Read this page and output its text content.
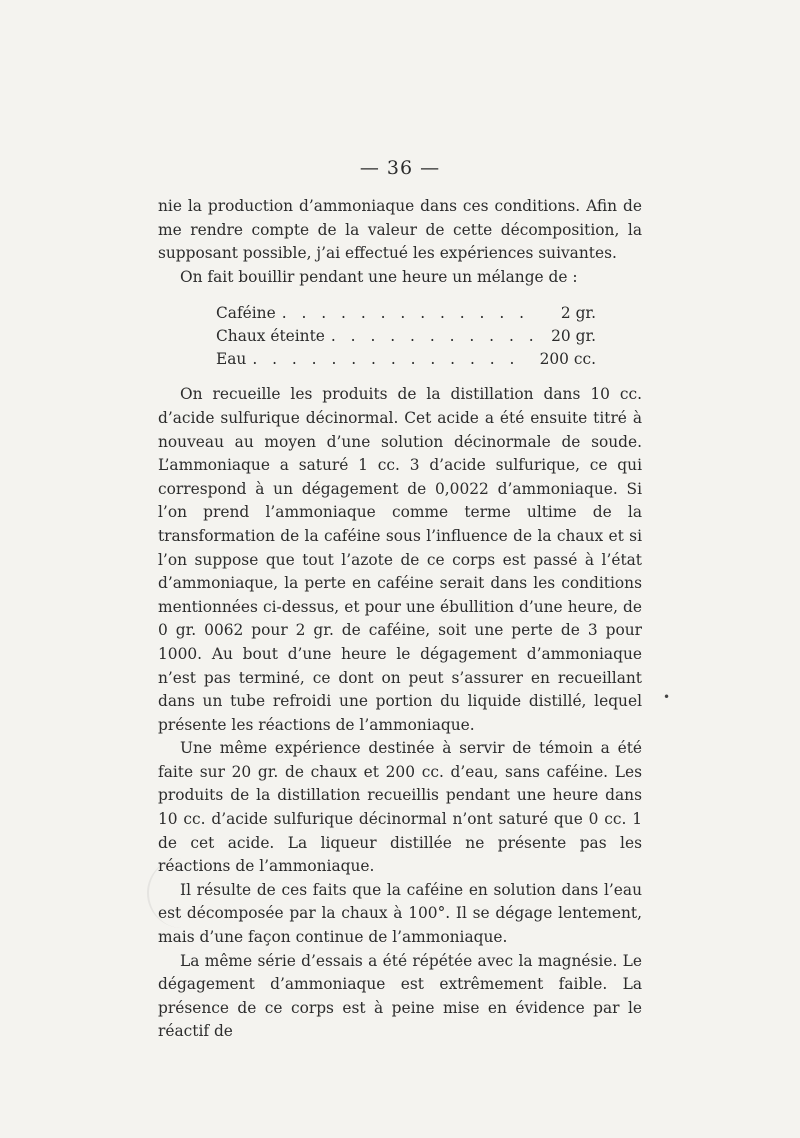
— 36 —

nie la production d’ammoniaque dans ces conditions. Afin de me rendre compte de la valeur de cette décomposition, la supposant possible, j’ai effectué les expériences suivantes.

On fait bouillir pendant une heure un mélange de :

Caféine . . . . . . . . . . . . .	2 gr.
Chaux éteinte . . . . . . . . . . . 20 gr.
Eau . . . . . . . . . . . . . .	200 cc.

On recueille les produits de la distillation dans 10 cc. d’acide sulfurique décinormal. Cet acide a été ensuite titré à nouveau au moyen d’une solution décinormale de soude. L’ammoniaque a saturé 1 cc. 3 d’acide sulfurique, ce qui correspond à un dégagement de 0,0022 d’ammoniaque. Si l’on prend l’ammoniaque comme terme ultime de la transformation de la caféine sous l’influence de la chaux et si l’on suppose que tout l’azote de ce corps est passé à l’état d’ammoniaque, la perte en caféine serait dans les conditions mentionnées ci-dessus, et pour une ébullition d’une heure, de 0 gr. 0062 pour 2 gr. de caféine, soit une perte de 3 pour 1000. Au bout d’une heure le dégagement d’ammoniaque n’est pas terminé, ce dont on peut s’assurer en recueillant dans un tube refroidi une portion du liquide distillé, lequel présente les réactions de l’ammoniaque.

Une même expérience destinée à servir de témoin a été faite sur 20 gr. de chaux et 200 cc. d’eau, sans caféine. Les produits de la distillation recueillis pendant une heure dans 10 cc. d’acide sulfurique décinormal n’ont saturé que 0 cc. 1 de cet acide. La liqueur distillée ne présente pas les réactions de l’ammoniaque.

Il résulte de ces faits que la caféine en solution dans l’eau est décomposée par la chaux à 100°. Il se dégage lentement, mais d’une façon continue de l’ammoniaque.

La même série d’essais a été répétée avec la magnésie. Le dégagement d’ammoniaque est extrêmement faible. La présence de ce corps est à peine mise en évidence par le réactif de

•
